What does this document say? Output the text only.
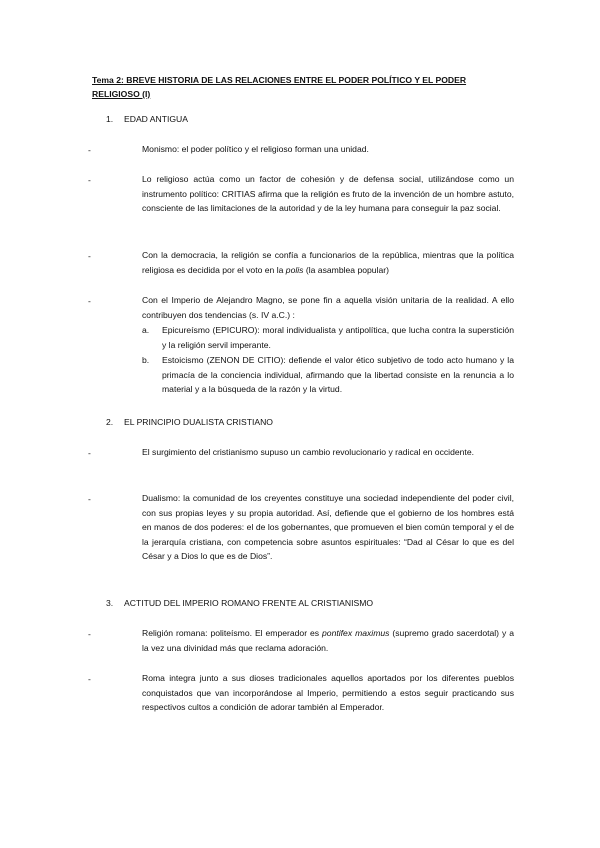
Tema 2: BREVE HISTORIA DE LAS RELACIONES ENTRE EL PODER POLÍTICO Y EL PODER RELIGIOSO (I)
1. EDAD ANTIGUA
-	Monismo: el poder político y el religioso forman una unidad.
-	Lo religioso actúa como un factor de cohesión y de defensa social, utilizándose como un instrumento político: CRITIAS afirma que la religión es fruto de la invención de un hombre astuto, consciente de las limitaciones de la autoridad y de la ley humana para conseguir la paz social.
-	Con la democracia, la religión se confía a funcionarios de la república, mientras que la política religiosa es decidida por el voto en la polis (la asamblea popular)
-	Con el Imperio de Alejandro Magno, se pone fin a aquella visión unitaria de la realidad. A ello contribuyen dos tendencias (s. IV a.C.) :
a.	Epicureísmo (EPICURO): moral individualista y antipolítica, que lucha contra la superstición y la religión servil imperante.
b.	Estoicismo (ZENON DE CITIO): defiende el valor ético subjetivo de todo acto humano y la primacía de la conciencia individual, afirmando que la libertad consiste en la renuncia a lo material y a la búsqueda de la razón y la virtud.
2. EL PRINCIPIO DUALISTA CRISTIANO
-	El surgimiento del cristianismo supuso un cambio revolucionario y radical en occidente.
-	Dualismo: la comunidad de los creyentes constituye una sociedad independiente del poder civil, con sus propias leyes y su propia autoridad. Así, defiende que el gobierno de los hombres está en manos de dos poderes: el de los gobernantes, que promueven el bien común temporal y el de la jerarquía cristiana, con competencia sobre asuntos espirituales: “Dad al César lo que es del César y a Dios lo que es de Dios”.
3. ACTITUD DEL IMPERIO ROMANO FRENTE AL CRISTIANISMO
-	Religión romana: politeísmo. El emperador es pontifex maximus (supremo grado sacerdotal) y a la vez una divinidad más que reclama adoración.
-	Roma integra junto a sus dioses tradicionales aquellos aportados por los diferentes pueblos conquistados que van incorporándose al Imperio, permitiendo a estos seguir practicando sus respectivos cultos a condición de adorar también al Emperador.
